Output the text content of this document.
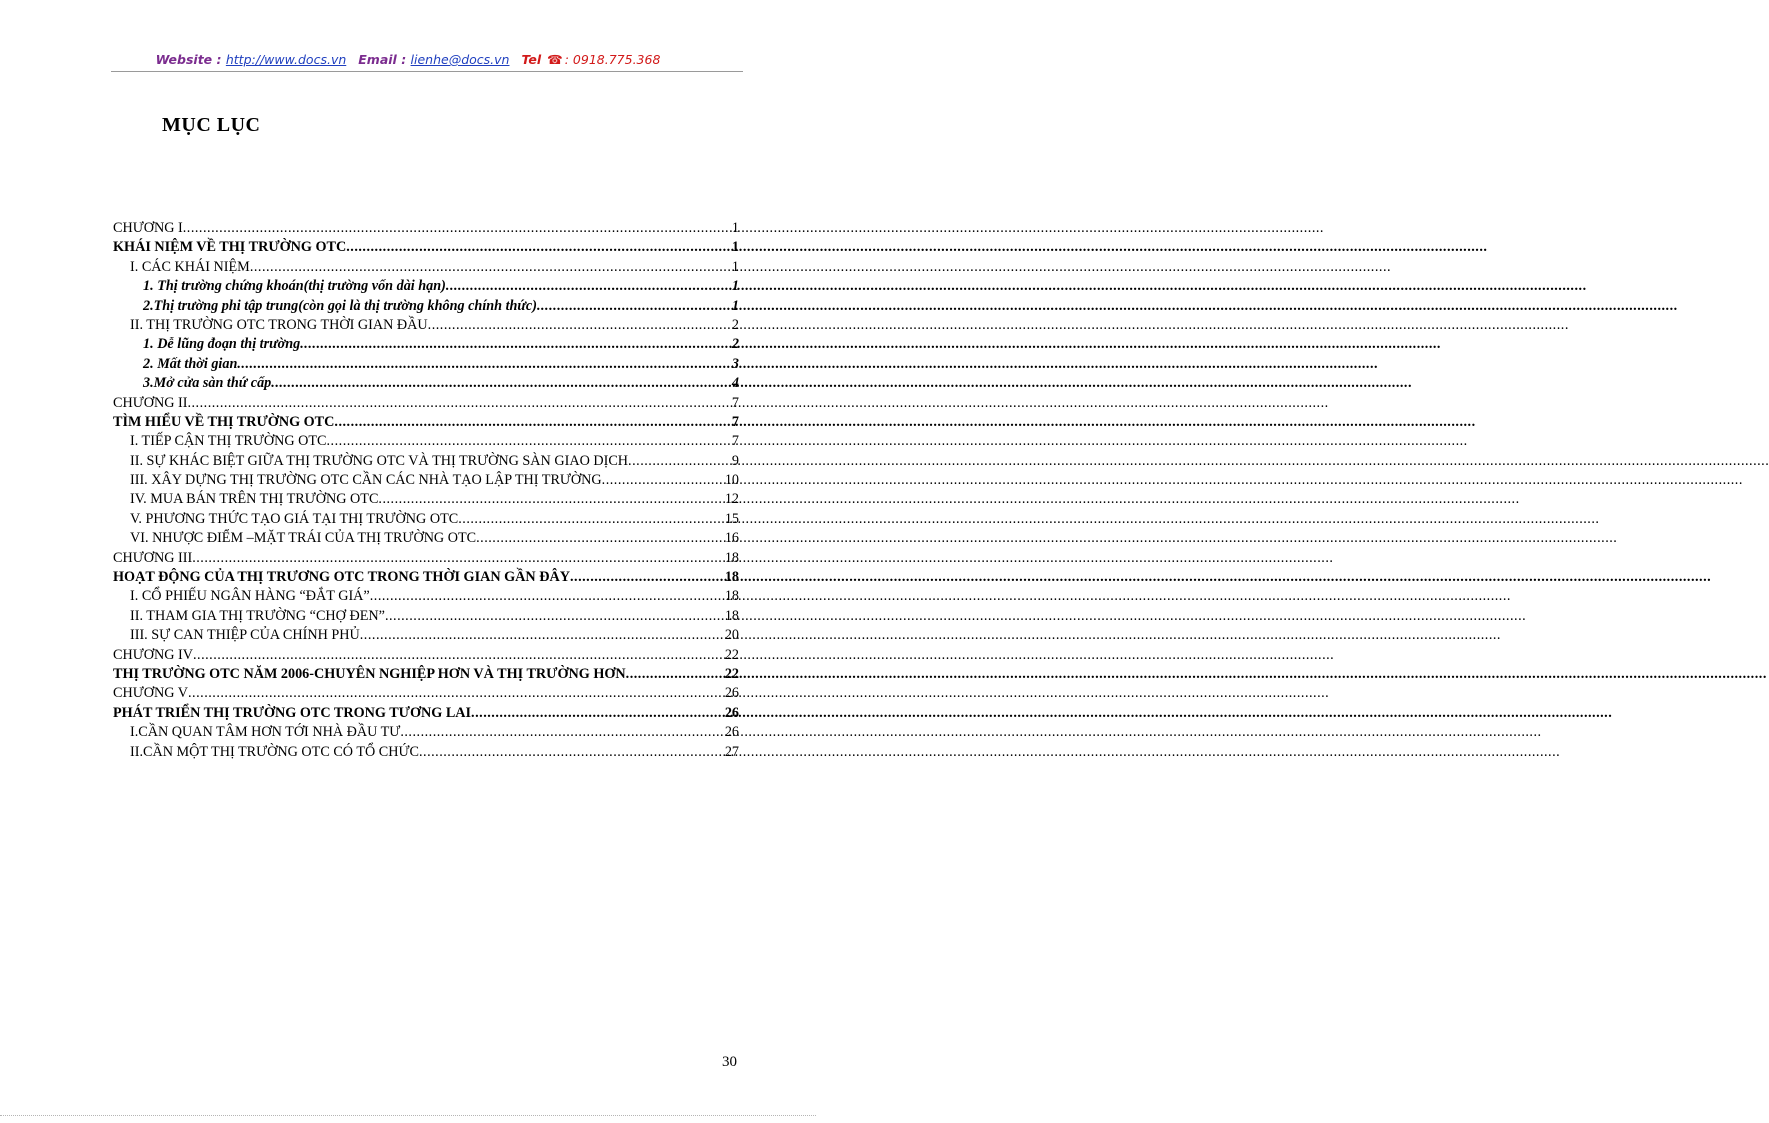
Website : http://www.docs.vn Email : lienhe@docs.vn Tel ☎ : 0918.775.368
MỤC LỤC
CHƯƠNG I .....	1
KHÁI NIỆM VỀ THỊ TRƯỜNG OTC .....	1
I. CÁC KHÁI NIỆM .....	1
1. Thị trường chứng khoán(thị trường vốn dài hạn) .....	1
2.Thị trường phi tập trung(còn gọi là thị trường không chính thức) .....	1
II. THỊ TRƯỜNG OTC TRONG THỜI GIAN ĐẦU .....	2
1. Dễ lũng đoạn thị trường .....	2
2. Mất thời gian .....	3
3.Mở cửa sàn thứ cấp .....	4
CHƯƠNG II .....	7
TÌM HIỂU VỀ THỊ TRƯỜNG OTC .....	7
I. TIẾP CẬN THỊ TRƯỜNG OTC .....	7
II. SỰ KHÁC BIỆT GIỮA THỊ TRƯỜNG OTC VÀ THỊ TRƯỜNG SÀN GIAO DỊCH .....	9
III. XÂY DỰNG THỊ TRƯỜNG OTC CẦN CÁC NHÀ TẠO LẬP THỊ TRƯỜNG .....	10
IV. MUA BÁN TRÊN THỊ TRƯỜNG OTC .....	12
V. PHƯƠNG THỨC TẠO GIÁ TẠI THỊ TRƯỜNG OTC .....	15
VI. NHƯỢC ĐIỂM –MẶT TRÁI CỦA THỊ TRƯỜNG OTC .....	16
CHƯƠNG III .....	18
HOẠT ĐỘNG CỦA THỊ TRƯƠNG OTC TRONG THỜI GIAN GẦN ĐÂY .....	18
I. CỔ PHIẾU NGÂN HÀNG “ĐẮT GIÁ” .....	18
II. THAM GIA THỊ TRƯỜNG “CHỢ ĐEN” .....	18
III. SỰ CAN THIỆP CỦA CHÍNH PHỦ .....	20
CHƯƠNG IV .....	22
THỊ TRƯỜNG OTC NĂM 2006-CHUYÊN NGHIỆP HƠN VÀ THỊ TRƯỜNG HƠN .....	22
CHƯƠNG V .....	26
PHÁT TRIỂN THỊ TRƯỜNG OTC TRONG TƯƠNG LAI .....	26
I.CẦN QUAN TÂM HƠN TỚI NHÀ ĐẦU TƯ .....	26
II.CẦN MỘT THỊ TRƯỜNG OTC CÓ TỔ CHỨC .....	27
30
